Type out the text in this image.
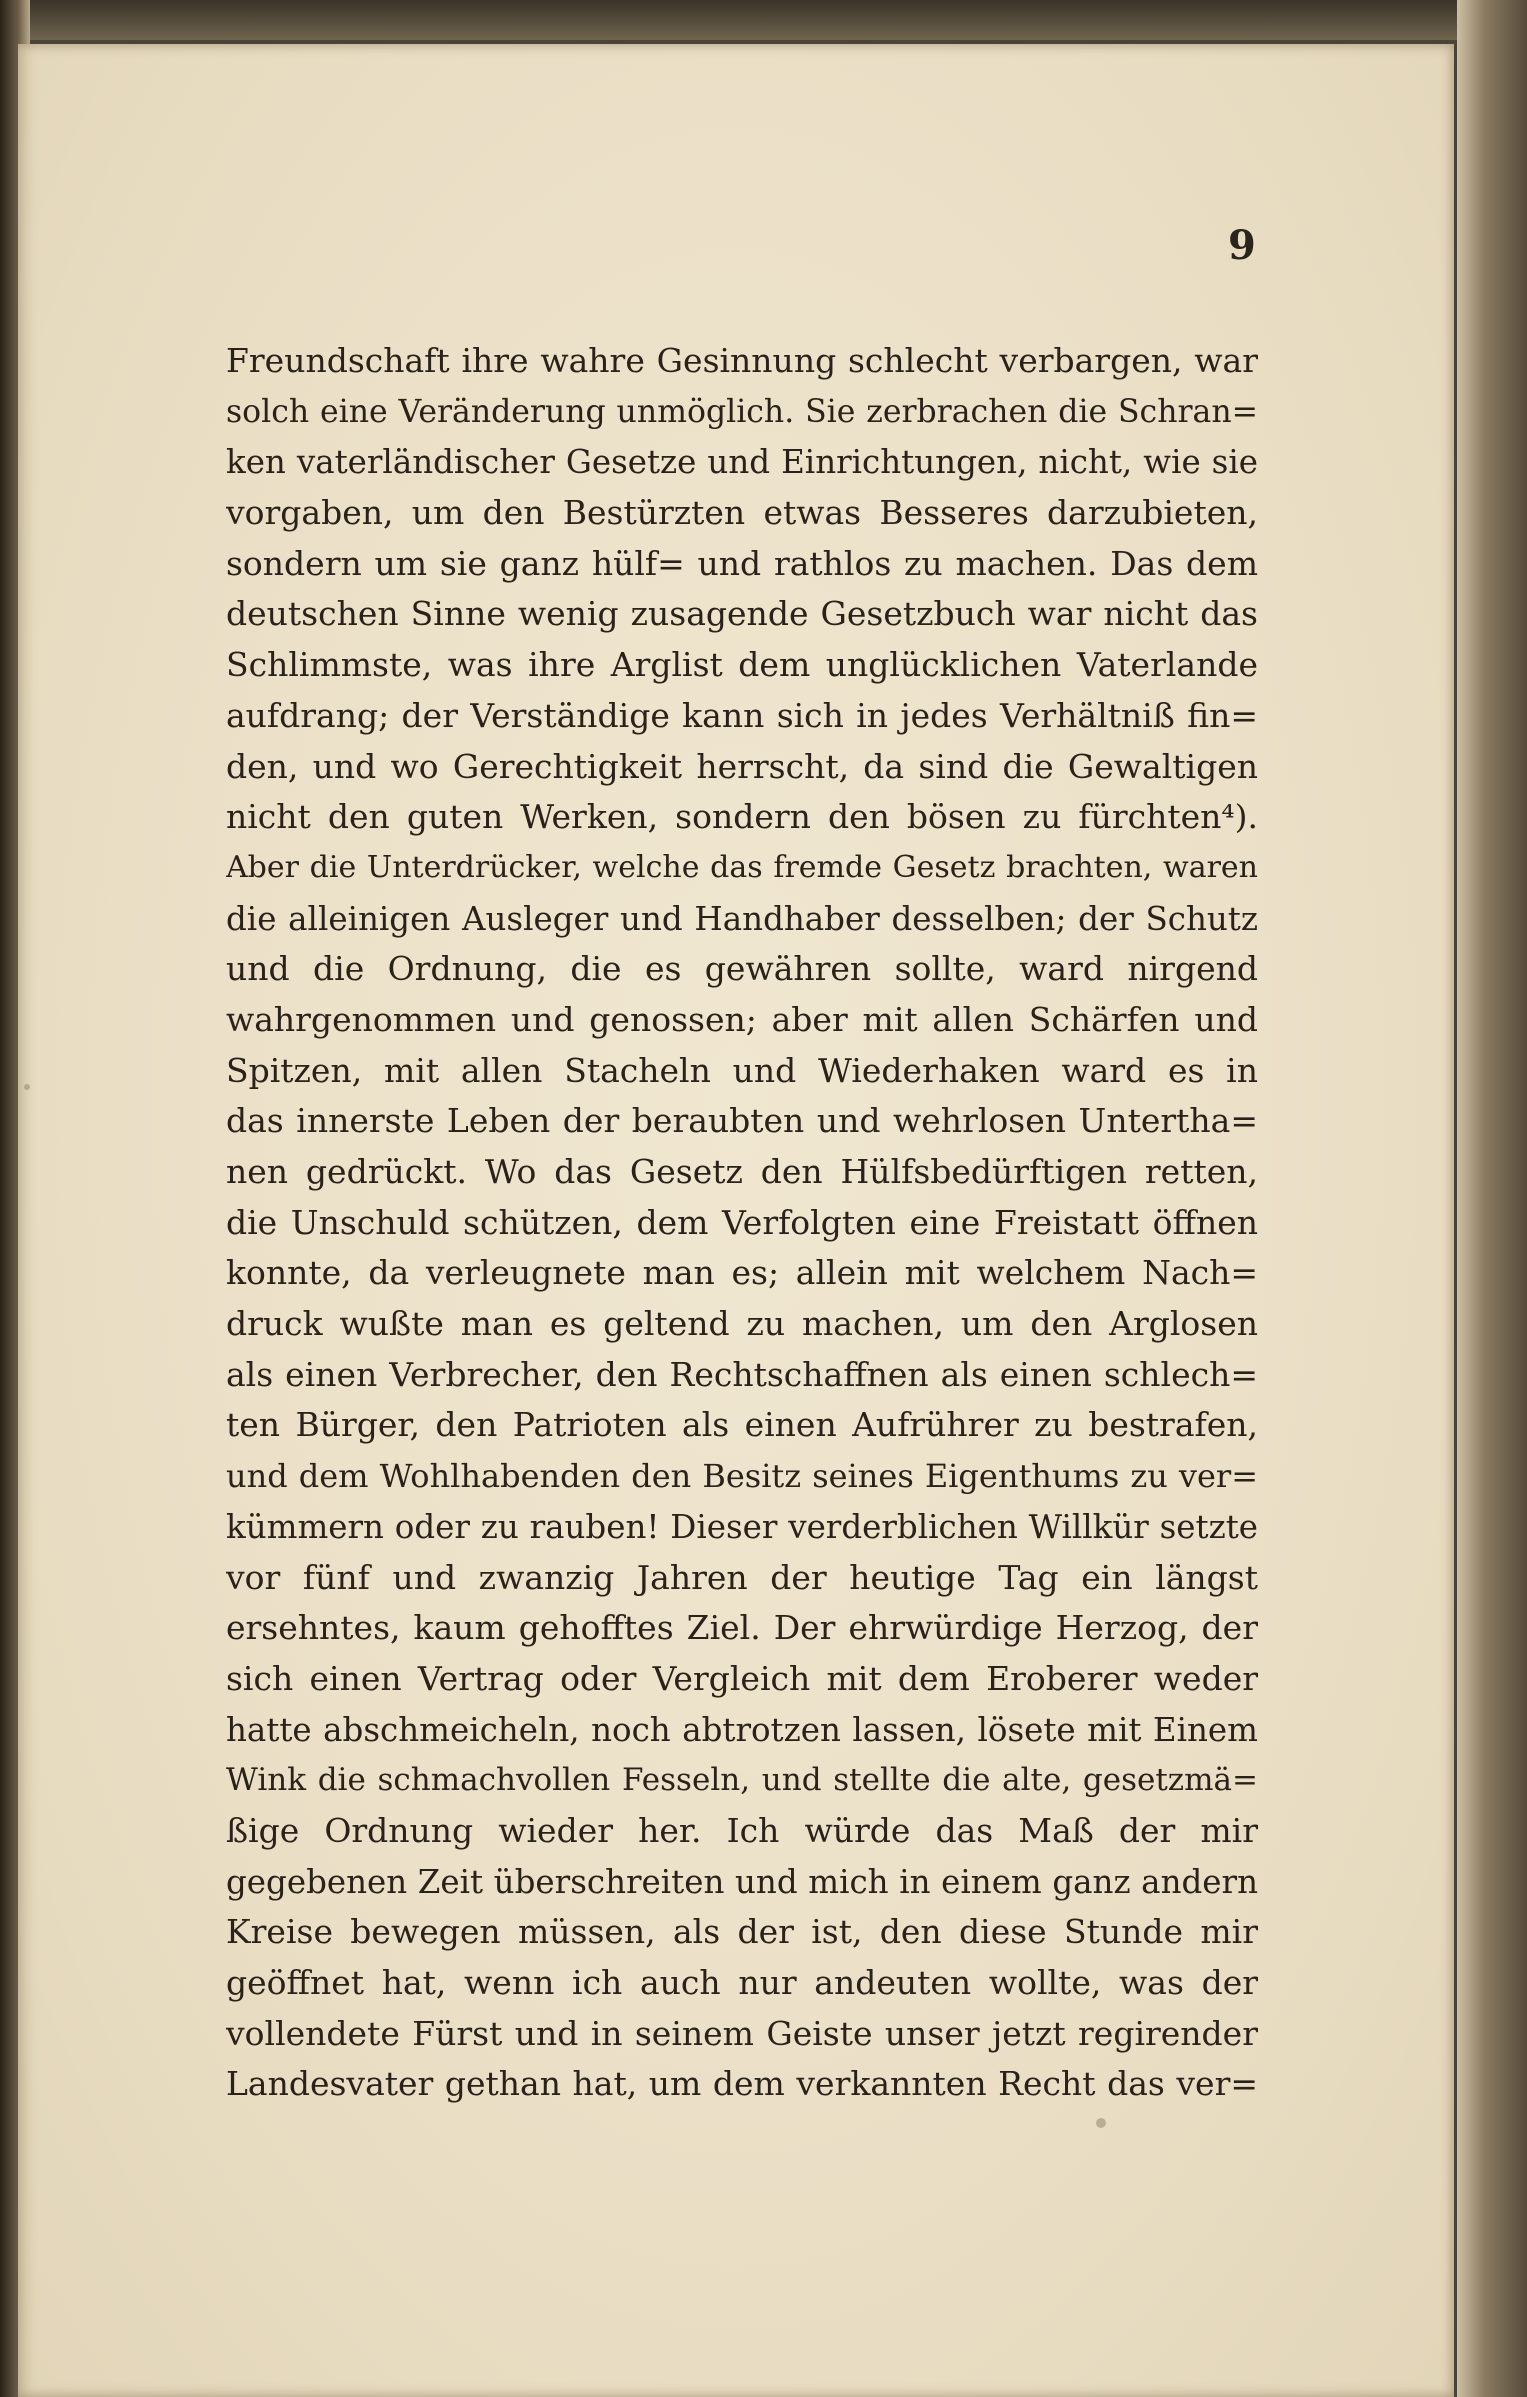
9
Freundschaft ihre wahre Gesinnung schlecht verbargen, war
solch eine Veränderung unmöglich. Sie zerbrachen die Schran=
ken vaterländischer Gesetze und Einrichtungen, nicht, wie sie
vorgaben, um den Bestürzten etwas Besseres darzubieten,
sondern um sie ganz hülf= und rathlos zu machen. Das dem
deutschen Sinne wenig zusagende Gesetzbuch war nicht das
Schlimmste, was ihre Arglist dem unglücklichen Vaterlande
aufdrang; der Verständige kann sich in jedes Verhältniß fin=
den, und wo Gerechtigkeit herrscht, da sind die Gewaltigen
nicht den guten Werken, sondern den bösen zu fürchten⁴).
Aber die Unterdrücker, welche das fremde Gesetz brachten, waren
die alleinigen Ausleger und Handhaber desselben; der Schutz
und die Ordnung, die es gewähren sollte, ward nirgend
wahrgenommen und genossen; aber mit allen Schärfen und
Spitzen, mit allen Stacheln und Wiederhaken ward es in
das innerste Leben der beraubten und wehrlosen Untertha=
nen gedrückt. Wo das Gesetz den Hülfsbedürftigen retten,
die Unschuld schützen, dem Verfolgten eine Freistatt öffnen
konnte, da verleugnete man es; allein mit welchem Nach=
druck wußte man es geltend zu machen, um den Arglosen
als einen Verbrecher, den Rechtschaffnen als einen schlech=
ten Bürger, den Patrioten als einen Aufrührer zu bestrafen,
und dem Wohlhabenden den Besitz seines Eigenthums zu ver=
kümmern oder zu rauben! Dieser verderblichen Willkür setzte
vor fünf und zwanzig Jahren der heutige Tag ein längst
ersehntes, kaum gehofftes Ziel. Der ehrwürdige Herzog, der
sich einen Vertrag oder Vergleich mit dem Eroberer weder
hatte abschmeicheln, noch abtrotzen lassen, lösete mit Einem
Wink die schmachvollen Fesseln, und stellte die alte, gesetzmä=
ßige Ordnung wieder her. Ich würde das Maß der mir
gegebenen Zeit überschreiten und mich in einem ganz andern
Kreise bewegen müssen, als der ist, den diese Stunde mir
geöffnet hat, wenn ich auch nur andeuten wollte, was der
vollendete Fürst und in seinem Geiste unser jetzt regirender
Landesvater gethan hat, um dem verkannten Recht das ver=
